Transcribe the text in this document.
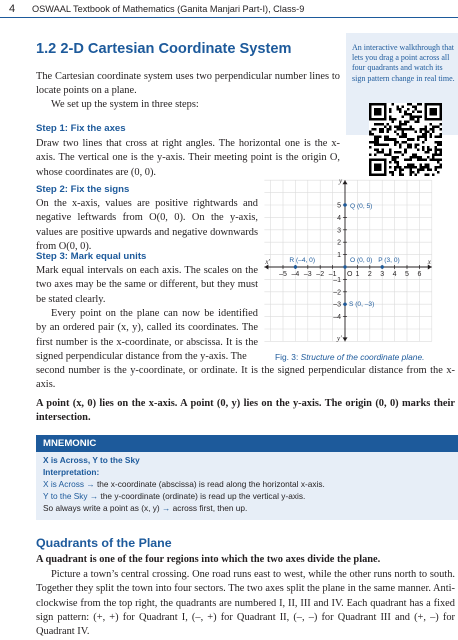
4 OSWAAL Textbook of Mathematics (Ganita Manjari Part-I), Class-9
1.2 2-D Cartesian Coordinate System	An interactive walkthrough that lets you drag a point across all four quadrants and watch its sign pattern change in real time.
The Cartesian coordinate system uses two perpendicular number lines to locate points on a plane.
We set up the system in three steps:
Step 1: Fix the axes
Draw two lines that cross at right angles. The horizontal one is the x-axis. The vertical one is the y-axis. Their meeting point is the origin O, whose coordinates are (0, 0).
Step 2: Fix the signs
On the x-axis, values are positive rightwards and negative leftwards from O(0, 0). On the y-axis, values are positive upwards and negative downwards from O(0, 0).
Step 3: Mark equal units
Mark equal intervals on each axis. The scales on the two axes may be the same or different, but they must be stated clearly.
Every point on the plane can now be identified by an ordered pair (x, y), called its coordinates. The first number is the x-coordinate, or abscissa. It is the signed perpendicular distance from the y-axis. The
second number is the y-coordinate, or ordinate. It is the signed perpendicular distance from the x-axis.
A point (x, 0) lies on the x-axis. A point (0, y) lies on the y-axis. The origin (0, 0) marks their intersection.
x
x′
y
y′
–5 –4 –3 –2 –1	1 2 3 4 5 6
5
4
3
2
1
–1
–2
–3
–4
O
Q (0, 5)
R (–4, 0)	O (0, 0) P (3, 0)
S (0, –3)
Fig. 3: Structure of the coordinate plane.
MNEMONIC
X is Across, Y to the Sky
Interpretation:
X is Across → the x-coordinate (abscissa) is read along the horizontal x-axis.
Y to the Sky → the y-coordinate (ordinate) is read up the vertical y-axis.
So always write a point as (x, y) → across first, then up.
Quadrants of the Plane
A quadrant is one of the four regions into which the two axes divide the plane.
Picture a town’s central crossing. One road runs east to west, while the other runs north to south. Together they split the town into four sectors. The two axes split the plane in the same manner. Anti-clockwise from the top right, the quadrants are numbered I, II, III and IV. Each quadrant has a fixed sign pattern: (+, +) for Quadrant I, (–, +) for Quadrant II, (–, –) for Quadrant III and (+, –) for Quadrant IV.
